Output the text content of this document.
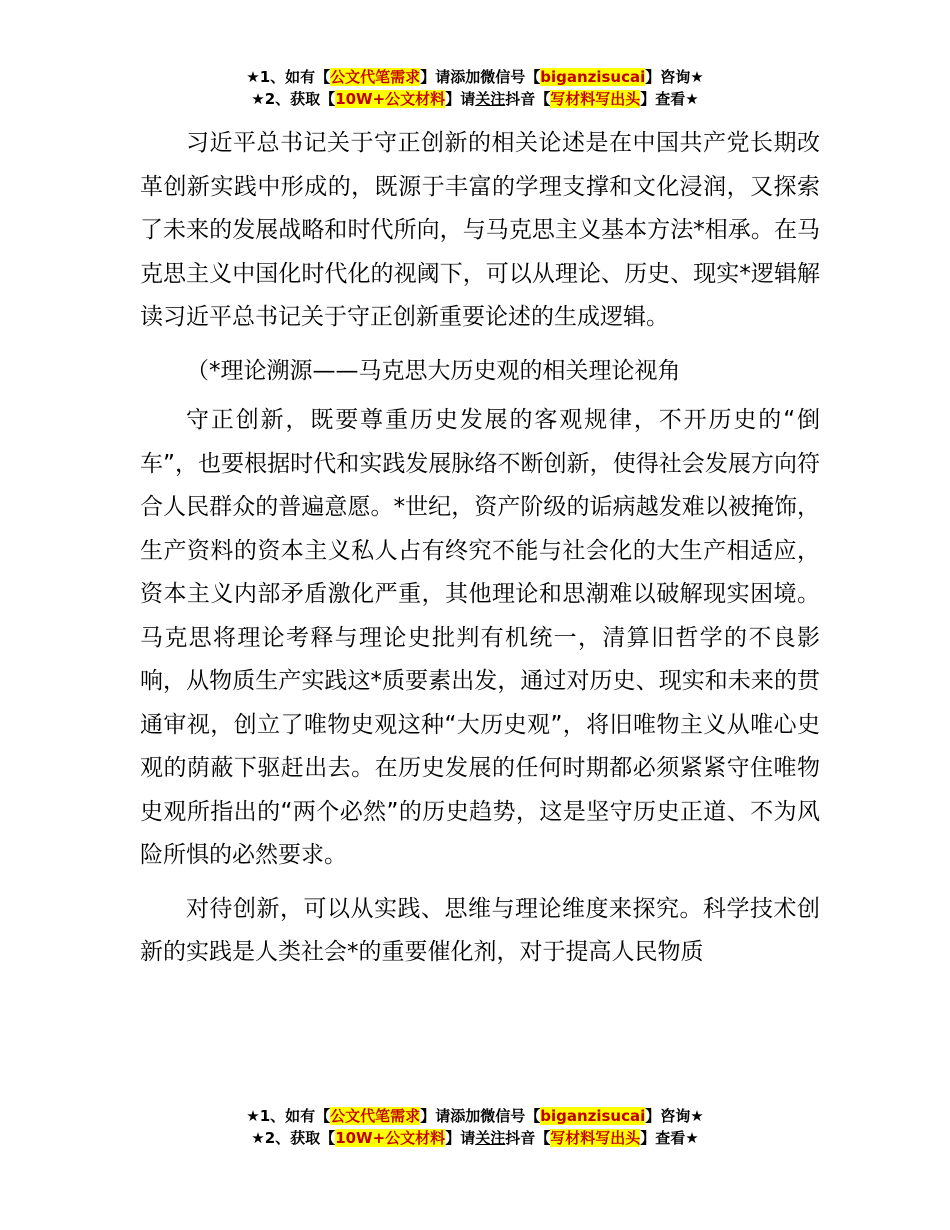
★1、如有【公文代笔需求】请添加微信号【biganzisucai】咨询★
★2、获取【10W+公文材料】请关注抖音【写材料写出头】查看★

习近平总书记关于守正创新的相关论述是在中国共产党长期改革创新实践中形成的，既源于丰富的学理支撑和文化浸润，又探索了未来的发展战略和时代所向，与马克思主义基本方法*相承。在马克思主义中国化时代化的视阈下，可以从理论、历史、现实*逻辑解读习近平总书记关于守正创新重要论述的生成逻辑。

（*理论溯源——马克思大历史观的相关理论视角

守正创新，既要尊重历史发展的客观规律，不开历史的“倒车”，也要根据时代和实践发展脉络不断创新，使得社会发展方向符合人民群众的普遍意愿。*世纪，资产阶级的诟病越发难以被掩饰，生产资料的资本主义私人占有终究不能与社会化的大生产相适应，资本主义内部矛盾激化严重，其他理论和思潮难以破解现实困境。马克思将理论考释与理论史批判有机统一，清算旧哲学的不良影响，从物质生产实践这*质要素出发，通过对历史、现实和未来的贯通审视，创立了唯物史观这种“大历史观”，将旧唯物主义从唯心史观的荫蔽下驱赶出去。在历史发展的任何时期都必须紧紧守住唯物史观所指出的“两个必然”的历史趋势，这是坚守历史正道、不为风险所惧的必然要求。

对待创新，可以从实践、思维与理论维度来探究。科学技术创新的实践是人类社会*的重要催化剂，对于提高人民物质

★1、如有【公文代笔需求】请添加微信号【biganzisucai】咨询★
★2、获取【10W+公文材料】请关注抖音【写材料写出头】查看★
